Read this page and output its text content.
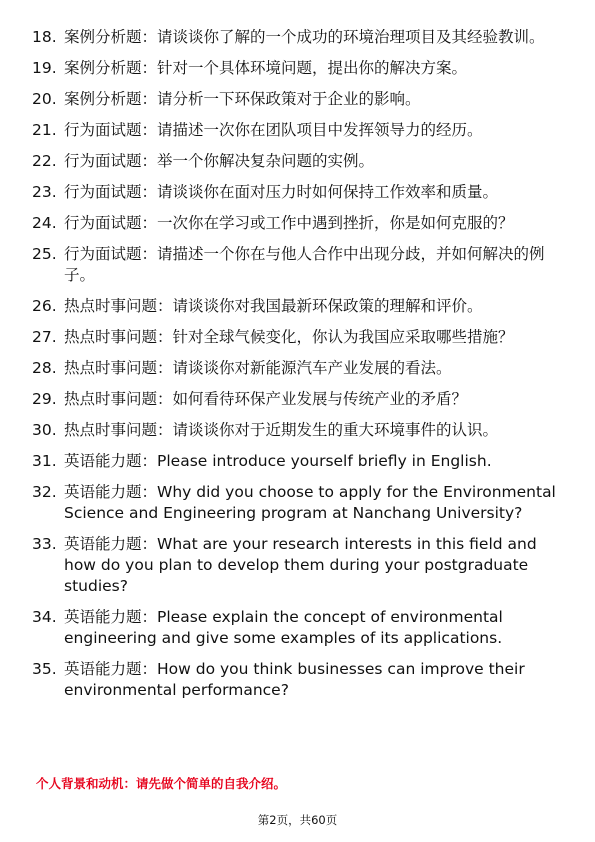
18. 案例分析题：请谈谈你了解的一个成功的环境治理项目及其经验教训。
19. 案例分析题：针对一个具体环境问题，提出你的解决方案。
20. 案例分析题：请分析一下环保政策对于企业的影响。
21. 行为面试题：请描述一次你在团队项目中发挥领导力的经历。
22. 行为面试题：举一个你解决复杂问题的实例。
23. 行为面试题：请谈谈你在面对压力时如何保持工作效率和质量。
24. 行为面试题：一次你在学习或工作中遇到挫折，你是如何克服的？
25. 行为面试题：请描述一个你在与他人合作中出现分歧，并如何解决的例子。
26. 热点时事问题：请谈谈你对我国最新环保政策的理解和评价。
27. 热点时事问题：针对全球气候变化，你认为我国应采取哪些措施？
28. 热点时事问题：请谈谈你对新能源汽车产业发展的看法。
29. 热点时事问题：如何看待环保产业发展与传统产业的矛盾？
30. 热点时事问题：请谈谈你对于近期发生的重大环境事件的认识。
31. 英语能力题：Please introduce yourself briefly in English.
32. 英语能力题：Why did you choose to apply for the Environmental Science and Engineering program at Nanchang University?
33. 英语能力题：What are your research interests in this field and how do you plan to develop them during your postgraduate studies?
34. 英语能力题：Please explain the concept of environmental engineering and give some examples of its applications.
35. 英语能力题：How do you think businesses can improve their environmental performance?
个人背景和动机：请先做个简单的自我介绍。
第2页，共60页
